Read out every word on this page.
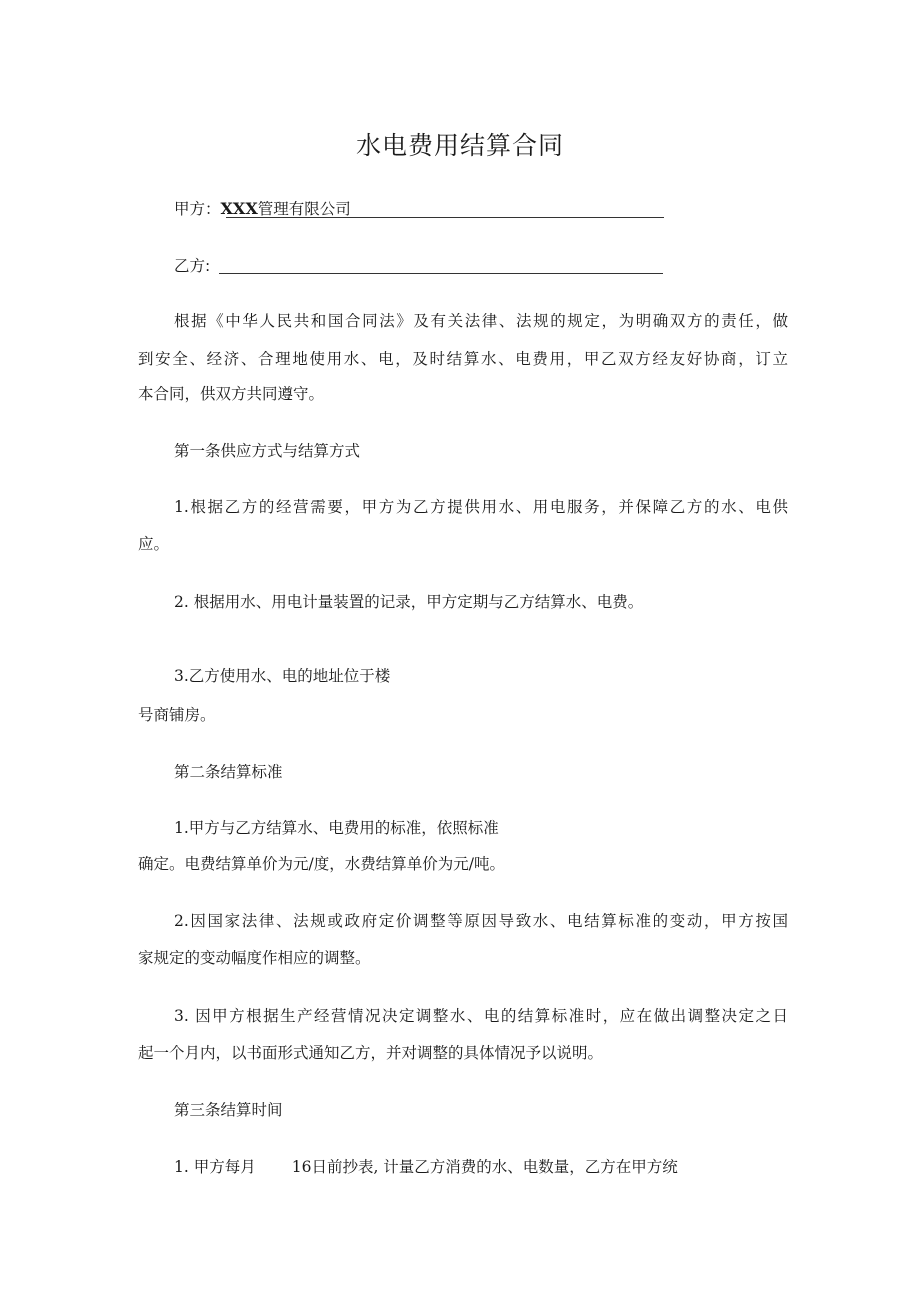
水电费用结算合同
甲方：XXX管理有限公司
乙方:
根据《中华人民共和国合同法》及有关法律、法规的规定，为明确双方的责任，做
到安全、经济、合理地使用水、电，及时结算水、电费用，甲乙双方经友好协商，订立
本合同，供双方共同遵守。
第一条供应方式与结算方式
1.根据乙方的经营需要，甲方为乙方提供用水、用电服务，并保障乙方的水、电供
应。
2. 根据用水、用电计量装置的记录，甲方定期与乙方结算水、电费。
3.乙方使用水、电的地址位于楼
号商铺房。
第二条结算标准
1.甲方与乙方结算水、电费用的标准，依照标准
确定。电费结算单价为元/度，水费结算单价为元/吨。
2.因国家法律、法规或政府定价调整等原因导致水、电结算标准的变动，甲方按国
家规定的变动幅度作相应的调整。
3. 因甲方根据生产经营情况决定调整水、电的结算标准时，应在做出调整决定之日
起一个月内，以书面形式通知乙方，并对调整的具体情况予以说明。
第三条结算时间
1. 甲方每月 16日前抄表, 计量乙方消费的水、电数量，乙方在甲方统
